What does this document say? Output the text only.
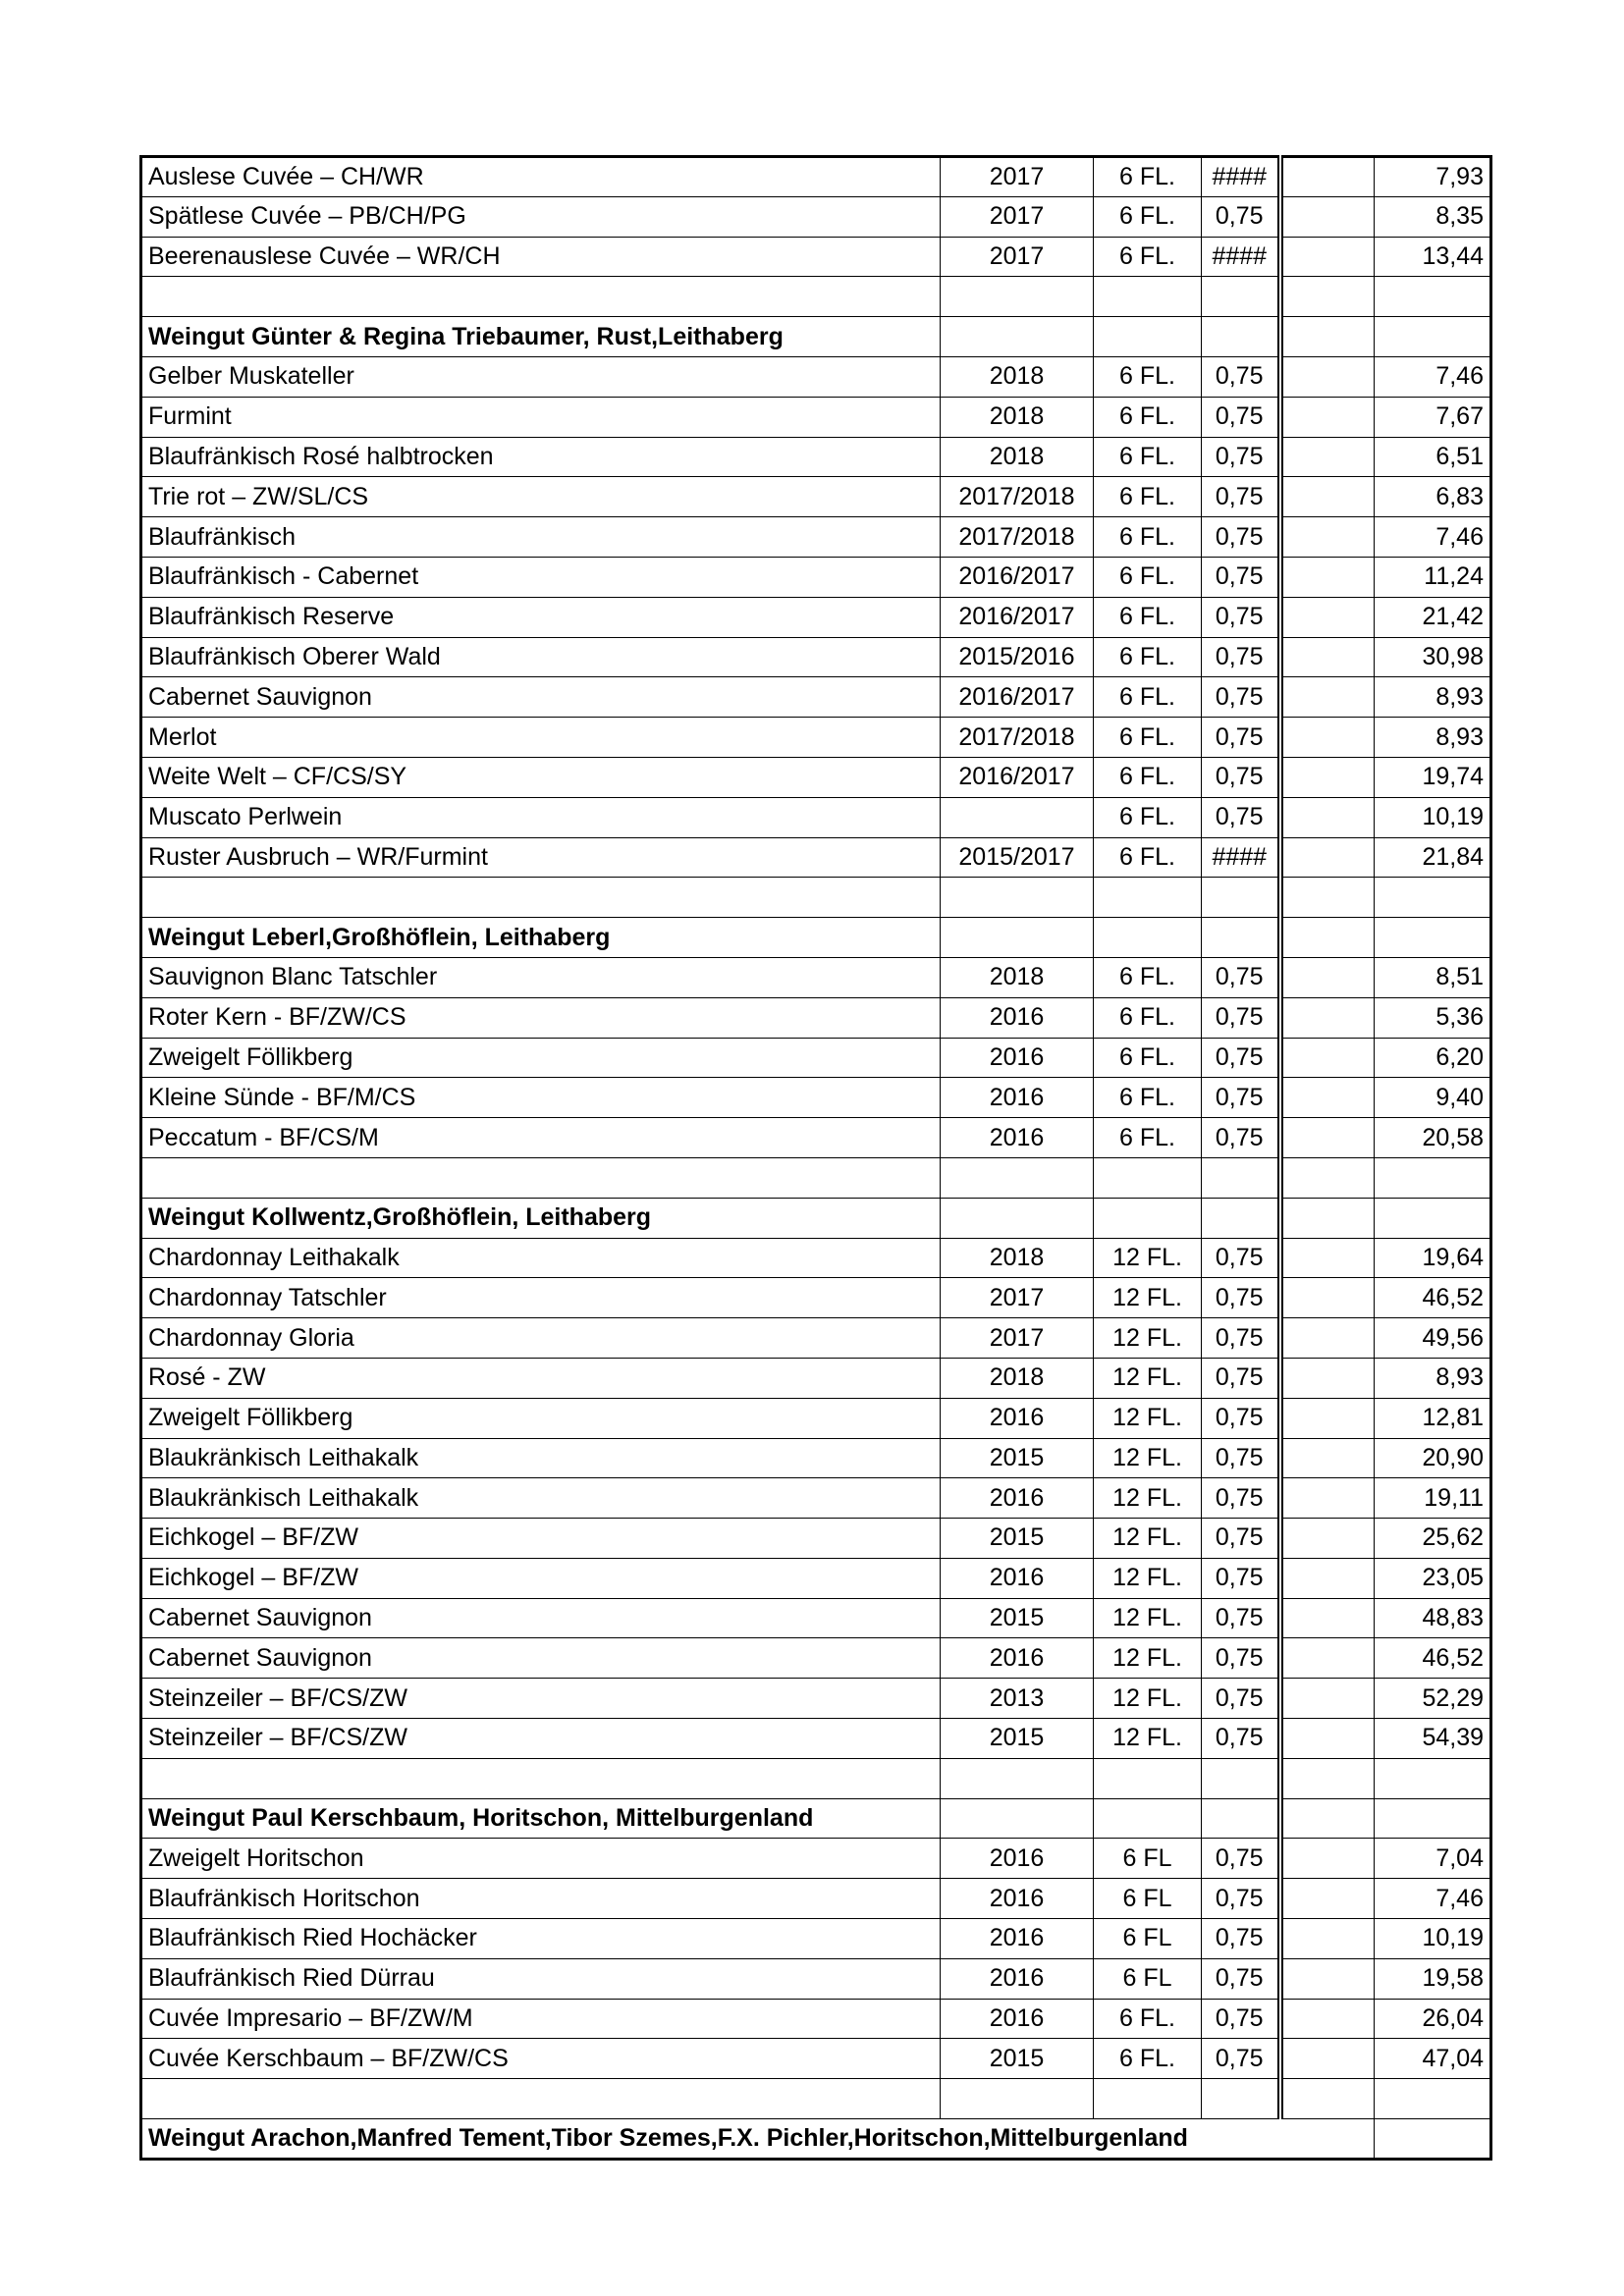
Auslese Cuvée – CH/WR	2017	6 FL.	####		7,93
Spätlese Cuvée – PB/CH/PG	2017	6 FL.	0,75		8,35
Beerenauslese Cuvée – WR/CH	2017	6 FL.	####		13,44

Weingut Günter & Regina Triebaumer, Rust,Leithaberg					
Gelber Muskateller	2018	6 FL.	0,75		7,46
Furmint	2018	6 FL.	0,75		7,67
Blaufränkisch Rosé halbtrocken	2018	6 FL.	0,75		6,51
Trie rot – ZW/SL/CS	2017/2018	6 FL.	0,75		6,83
Blaufränkisch	2017/2018	6 FL.	0,75		7,46
Blaufränkisch - Cabernet	2016/2017	6 FL.	0,75		11,24
Blaufränkisch Reserve	2016/2017	6 FL.	0,75		21,42
Blaufränkisch Oberer Wald	2015/2016	6 FL.	0,75		30,98
Cabernet Sauvignon	2016/2017	6 FL.	0,75		8,93
Merlot	2017/2018	6 FL.	0,75		8,93
Weite Welt – CF/CS/SY	2016/2017	6 FL.	0,75		19,74
Muscato Perlwein		6 FL.	0,75		10,19
Ruster Ausbruch – WR/Furmint	2015/2017	6 FL.	####		21,84

Weingut Leberl,Großhöflein, Leithaberg					
Sauvignon Blanc Tatschler	2018	6 FL.	0,75		8,51
Roter Kern - BF/ZW/CS	2016	6 FL.	0,75		5,36
Zweigelt Föllikberg	2016	6 FL.	0,75		6,20
Kleine Sünde - BF/M/CS	2016	6 FL.	0,75		9,40
Peccatum - BF/CS/M	2016	6 FL.	0,75		20,58

Weingut Kollwentz,Großhöflein, Leithaberg					
Chardonnay Leithakalk	2018	12 FL.	0,75		19,64
Chardonnay Tatschler	2017	12 FL.	0,75		46,52
Chardonnay Gloria	2017	12 FL.	0,75		49,56
Rosé - ZW	2018	12 FL.	0,75		8,93
Zweigelt Föllikberg	2016	12 FL.	0,75		12,81
Blaukränkisch Leithakalk	2015	12 FL.	0,75		20,90
Blaukränkisch Leithakalk	2016	12 FL.	0,75		19,11
Eichkogel – BF/ZW	2015	12 FL.	0,75		25,62
Eichkogel – BF/ZW	2016	12 FL.	0,75		23,05
Cabernet Sauvignon	2015	12 FL.	0,75		48,83
Cabernet Sauvignon	2016	12 FL.	0,75		46,52
Steinzeiler – BF/CS/ZW	2013	12 FL.	0,75		52,29
Steinzeiler – BF/CS/ZW	2015	12 FL.	0,75		54,39

Weingut Paul Kerschbaum, Horitschon, Mittelburgenland					
Zweigelt Horitschon	2016	6 FL	0,75		7,04
Blaufränkisch Horitschon	2016	6 FL	0,75		7,46
Blaufränkisch Ried Hochäcker	2016	6 FL	0,75		10,19
Blaufränkisch Ried Dürrau	2016	6 FL	0,75		19,58
Cuvée Impresario – BF/ZW/M	2016	6 FL.	0,75		26,04
Cuvée Kerschbaum – BF/ZW/CS	2015	6 FL.	0,75		47,04

Weingut Arachon,Manfred Tement,Tibor Szemes,F.X. Pichler,Horitschon,Mittelburgenland					
